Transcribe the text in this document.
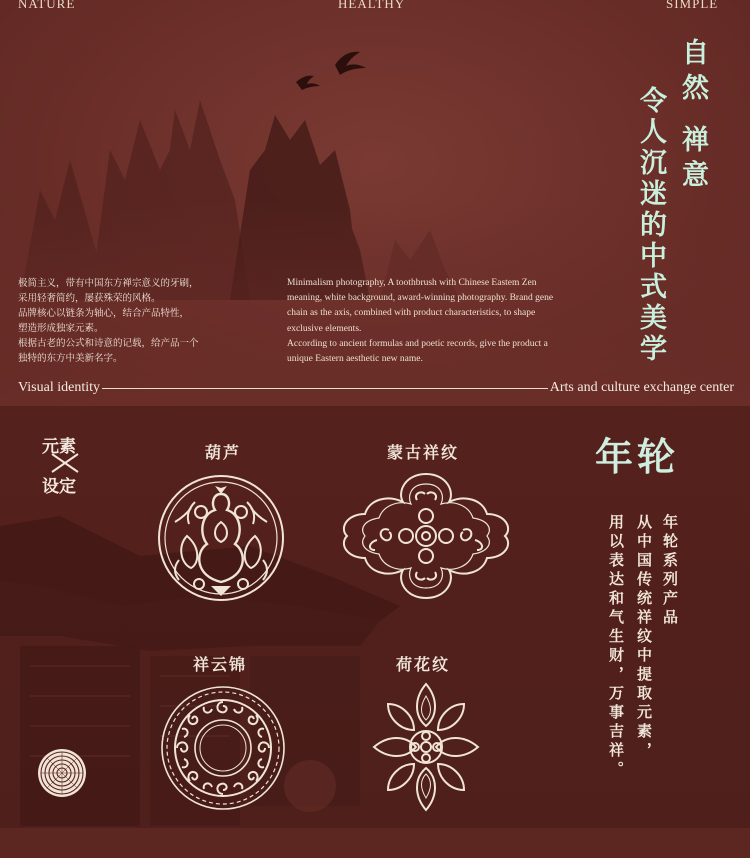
NATURE	HEALTHY	SIMPLE
自然 禅意
令人沉迷的中式美学
极简主义，带有中国东方禅宗意义的牙刷，
采用轻奢简约，屡获殊荣的风格。
品牌核心以链条为轴心，结合产品特性，
塑造形成独家元素。
根据古老的公式和诗意的记载，给产品一个
独特的东方中美新名字。
Minimalism photography, A toothbrush with Chinese Eastem Zen
meaning, white background, award-winning photography. Brand gene
chain as the axis, combined with product characteristics, to shape
exclusive elements.
According to ancient formulas and poetic records, give the product a
unique Eastern aesthetic new name.
Visual identity	Arts and culture exchange center
元素
设定
葫芦	蒙古祥纹
祥云锦	荷花纹
年轮
年轮系列产品
从中国传统祥纹中提取元素，
用以表达和气生财，万事吉祥。
